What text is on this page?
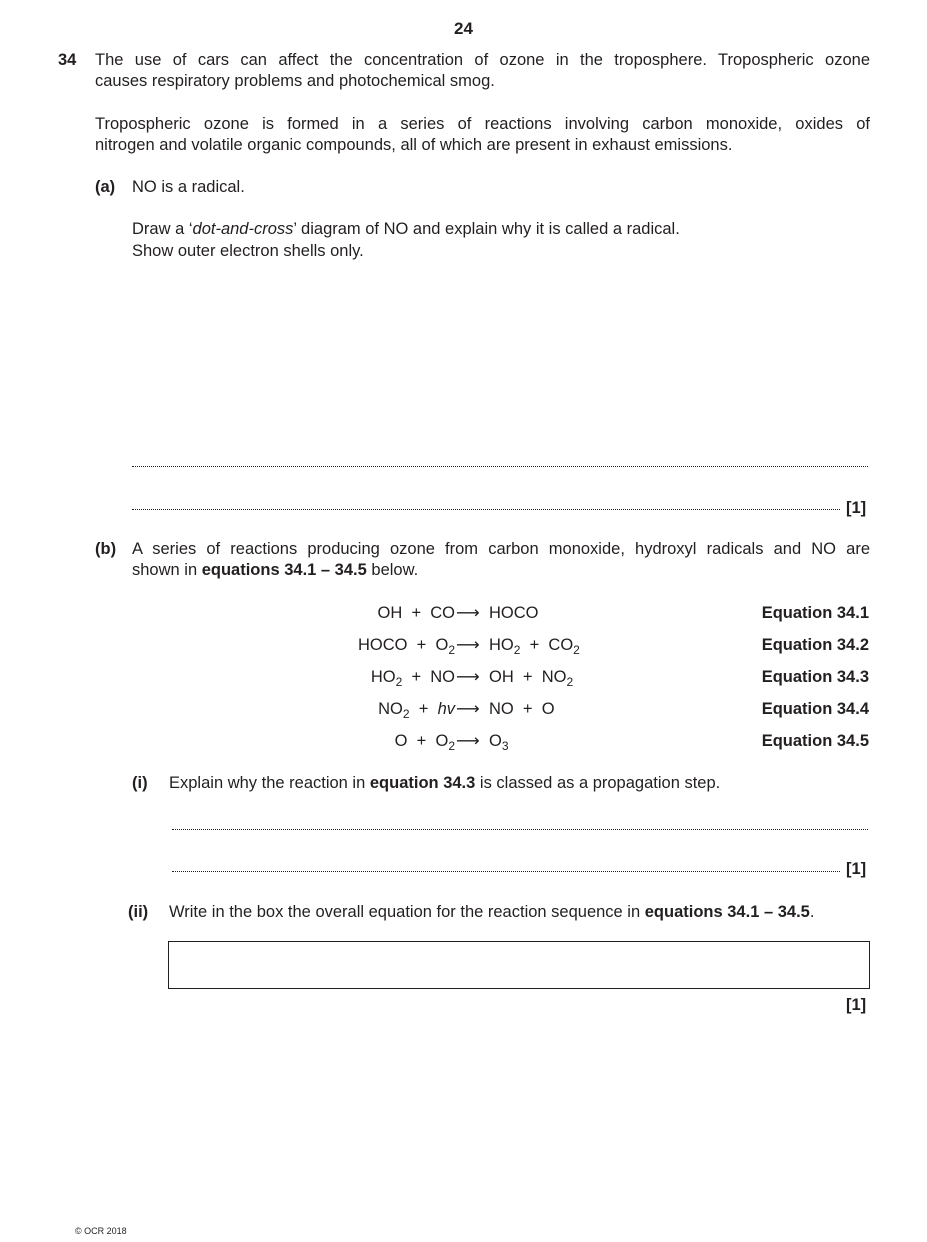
24
34 The use of cars can affect the concentration of ozone in the troposphere. Tropospheric ozone
causes respiratory problems and photochemical smog.
Tropospheric ozone is formed in a series of reactions involving carbon monoxide, oxides of
nitrogen and volatile organic compounds, all of which are present in exhaust emissions.
(a) NO is a radical.
Draw a ‘dot-and-cross’ diagram of NO and explain why it is called a radical.
Show outer electron shells only.
[1]
(b) A series of reactions producing ozone from carbon monoxide, hydroxyl radicals and NO are
shown in equations 34.1 – 34.5 below.
OH + CO ⟶ HOCO	Equation 34.1
HOCO + $O_2$ ⟶ $HO_2 + CO_2$	Equation 34.2
$HO_2$ + NO ⟶ OH + $NO_2$	Equation 34.3
$NO_2$ + hv ⟶ NO + O	Equation 34.4
$O + O_2$ ⟶ $O_3$	Equation 34.5
(i) Explain why the reaction in equation 34.3 is classed as a propagation step.
[1]
(ii) Write in the box the overall equation for the reaction sequence in equations 34.1 – 34.5.
[1]
© OCR 2018
